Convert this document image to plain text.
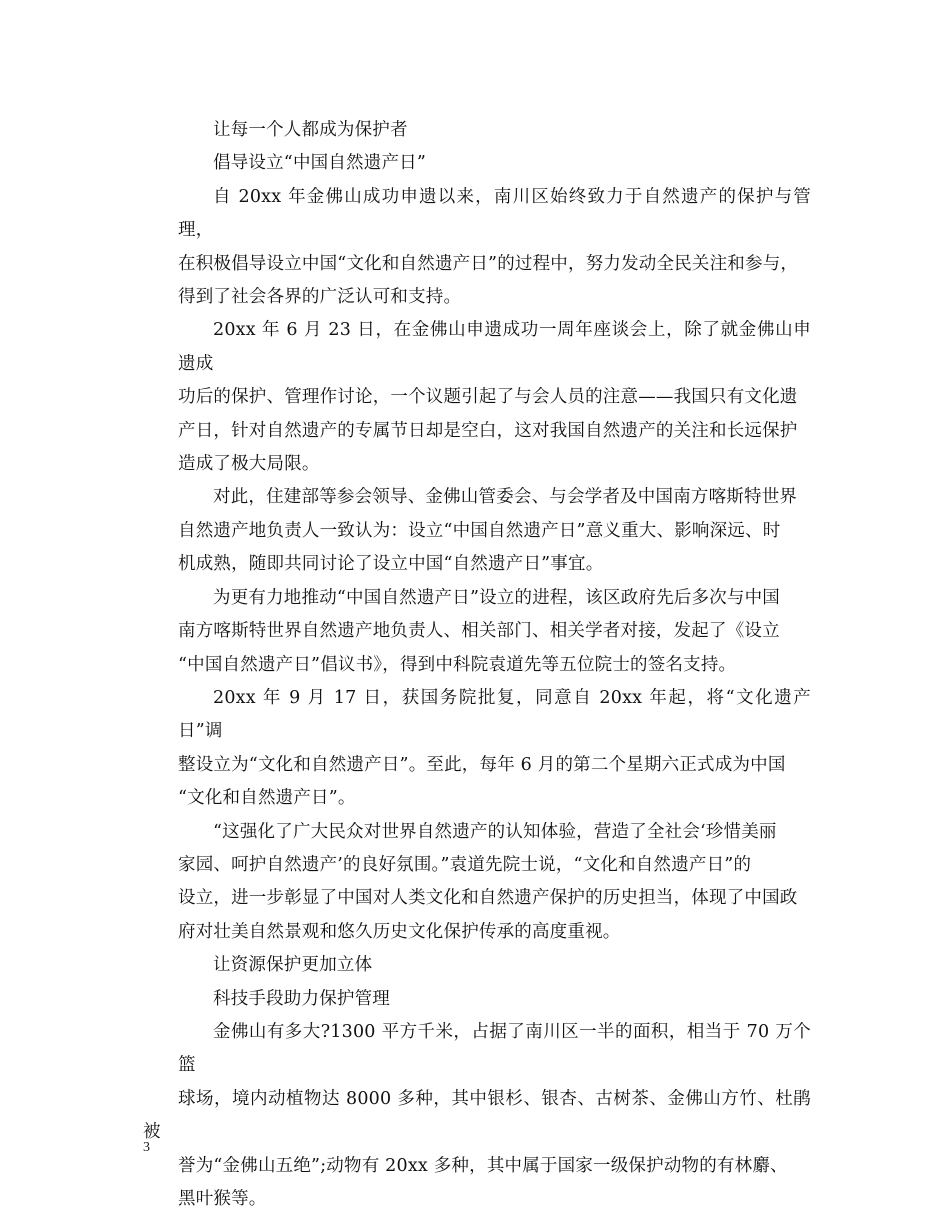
让每一个人都成为保护者

倡导设立“中国自然遗产日”

自 20xx 年金佛山成功申遗以来，南川区始终致力于自然遗产的保护与管理，
在积极倡导设立中国“文化和自然遗产日”的过程中，努力发动全民关注和参与，
得到了社会各界的广泛认可和支持。

20xx 年 6 月 23 日，在金佛山申遗成功一周年座谈会上，除了就金佛山申遗成
功后的保护、管理作讨论，一个议题引起了与会人员的注意——我国只有文化遗
产日，针对自然遗产的专属节日却是空白，这对我国自然遗产的关注和长远保护
造成了极大局限。

对此，住建部等参会领导、金佛山管委会、与会学者及中国南方喀斯特世界
自然遗产地负责人一致认为：设立“中国自然遗产日”意义重大、影响深远、时
机成熟，随即共同讨论了设立中国“自然遗产日”事宜。

为更有力地推动“中国自然遗产日”设立的进程，该区政府先后多次与中国
南方喀斯特世界自然遗产地负责人、相关部门、相关学者对接，发起了《设立
“中国自然遗产日”倡议书》，得到中科院袁道先等五位院士的签名支持。

20xx 年 9 月 17 日，获国务院批复，同意自 20xx 年起，将“文化遗产日”调
整设立为“文化和自然遗产日”。至此，每年 6 月的第二个星期六正式成为中国
“文化和自然遗产日”。

“这强化了广大民众对世界自然遗产的认知体验，营造了全社会‘珍惜美丽
家园、呵护自然遗产’的良好氛围。”袁道先院士说，“文化和自然遗产日”的
设立，进一步彰显了中国对人类文化和自然遗产保护的历史担当，体现了中国政
府对壮美自然景观和悠久历史文化保护传承的高度重视。

让资源保护更加立体

科技手段助力保护管理

金佛山有多大?1300 平方千米，占据了南川区一半的面积，相当于 70 万个篮
球场，境内动植物达 8000 多种，其中银杉、银杏、古树茶、金佛山方竹、杜鹃被
誉为“金佛山五绝”;动物有 20xx 多种，其中属于国家一级保护动物的有林麝、
黑叶猴等。

3
